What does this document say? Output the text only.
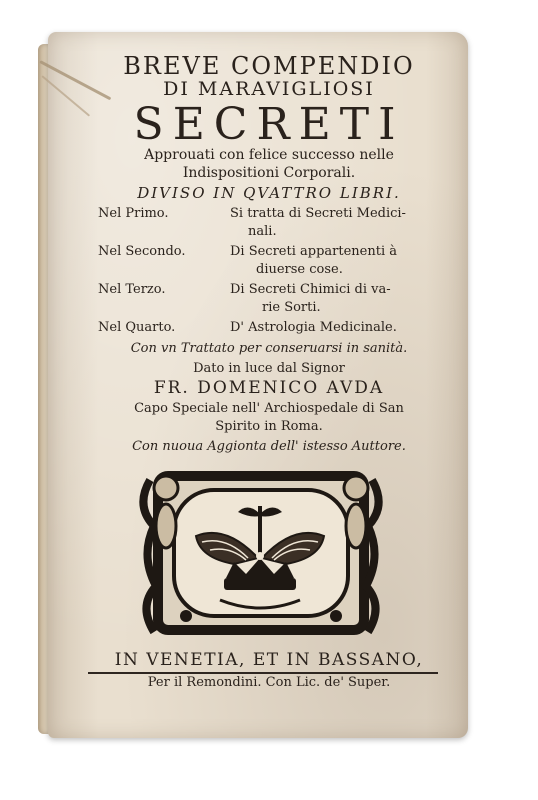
BREVE COMPENDIO
DI MARAVIGLIOSI
SECRETI
Approuati con felice successo nelle
Indispositioni Corporali.
DIVISO IN QVATTRO LIBRI.
Nel Primo.	Si tratta di Secreti Medici-
nali.
Nel Secondo.	Di Secreti appartenenti à
diuerse cose.
Nel Terzo.	Di Secreti Chimici di va-
rie Sorti.
Nel Quarto.	D' Astrologia Medicinale.
Con vn Trattato per conseruarsi in sanità.
Dato in luce dal Signor
FR. DOMENICO AVDA
Capo Speciale nell' Archiospedale di San
Spirito in Roma.
Con nuoua Aggionta dell' istesso Auttore.
IN VENETIA, ET IN BASSANO,
Per il Remondini. Con Lic. de' Super.
